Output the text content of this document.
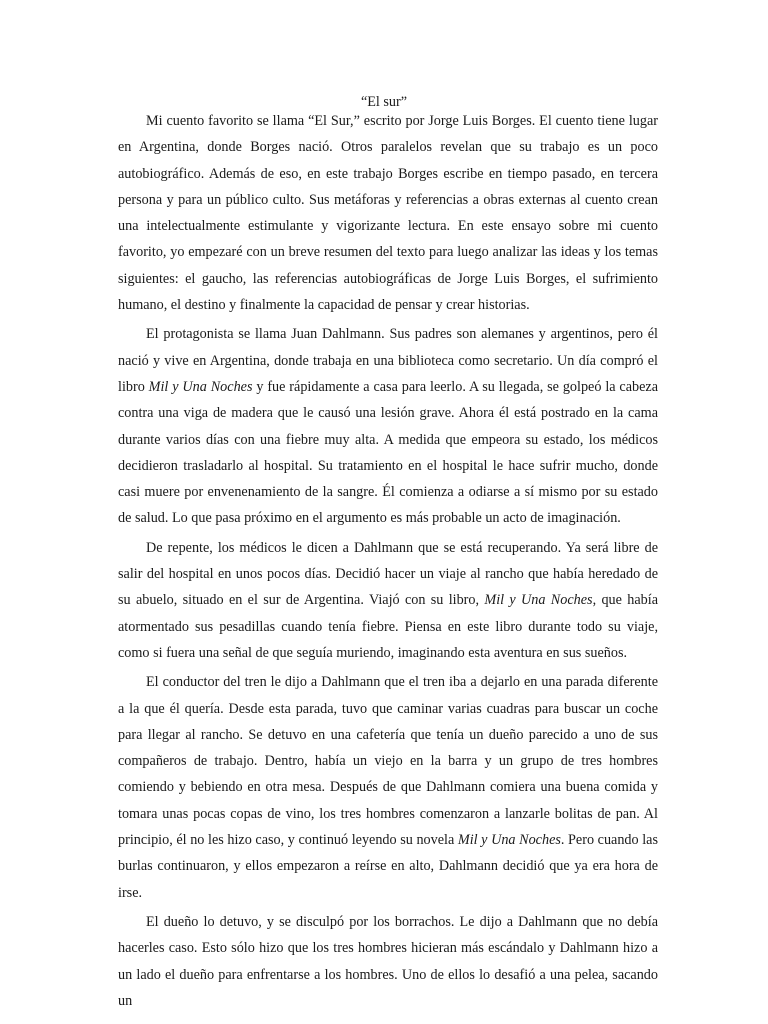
“El sur”

Mi cuento favorito se llama “El Sur,” escrito por Jorge Luis Borges. El cuento tiene lugar en Argentina, donde Borges nació. Otros paralelos revelan que su trabajo es un poco autobiográfico. Además de eso, en este trabajo Borges escribe en tiempo pasado, en tercera persona y para un público culto. Sus metáforas y referencias a obras externas al cuento crean una intelectualmente estimulante y vigorizante lectura. En este ensayo sobre mi cuento favorito, yo empezaré con un breve resumen del texto para luego analizar las ideas y los temas siguientes: el gaucho, las referencias autobiográficas de Jorge Luis Borges, el sufrimiento humano, el destino y finalmente la capacidad de pensar y crear historias.

El protagonista se llama Juan Dahlmann. Sus padres son alemanes y argentinos, pero él nació y vive en Argentina, donde trabaja en una biblioteca como secretario. Un día compró el libro Mil y Una Noches y fue rápidamente a casa para leerlo. A su llegada, se golpeó la cabeza contra una viga de madera que le causó una lesión grave. Ahora él está postrado en la cama durante varios días con una fiebre muy alta. A medida que empeora su estado, los médicos decidieron trasladarlo al hospital. Su tratamiento en el hospital le hace sufrir mucho, donde casi muere por envenenamiento de la sangre. Él comienza a odiarse a sí mismo por su estado de salud. Lo que pasa próximo en el argumento es más probable un acto de imaginación.

De repente, los médicos le dicen a Dahlmann que se está recuperando. Ya será libre de salir del hospital en unos pocos días. Decidió hacer un viaje al rancho que había heredado de su abuelo, situado en el sur de Argentina. Viajó con su libro, Mil y Una Noches, que había atormentado sus pesadillas cuando tenía fiebre. Piensa en este libro durante todo su viaje, como si fuera una señal de que seguía muriendo, imaginando esta aventura en sus sueños.

El conductor del tren le dijo a Dahlmann que el tren iba a dejarlo en una parada diferente a la que él quería. Desde esta parada, tuvo que caminar varias cuadras para buscar un coche para llegar al rancho. Se detuvo en una cafetería que tenía un dueño parecido a uno de sus compañeros de trabajo. Dentro, había un viejo en la barra y un grupo de tres hombres comiendo y bebiendo en otra mesa. Después de que Dahlmann comiera una buena comida y tomara unas pocas copas de vino, los tres hombres comenzaron a lanzarle bolitas de pan. Al principio, él no les hizo caso, y continuó leyendo su novela Mil y Una Noches. Pero cuando las burlas continuaron, y ellos empezaron a reírse en alto, Dahlmann decidió que ya era hora de irse.

El dueño lo detuvo, y se disculpó por los borrachos. Le dijo a Dahlmann que no debía hacerles caso. Esto sólo hizo que los tres hombres hicieran más escándalo y Dahlmann hizo a un lado el dueño para enfrentarse a los hombres. Uno de ellos lo desafió a una pelea, sacando un
